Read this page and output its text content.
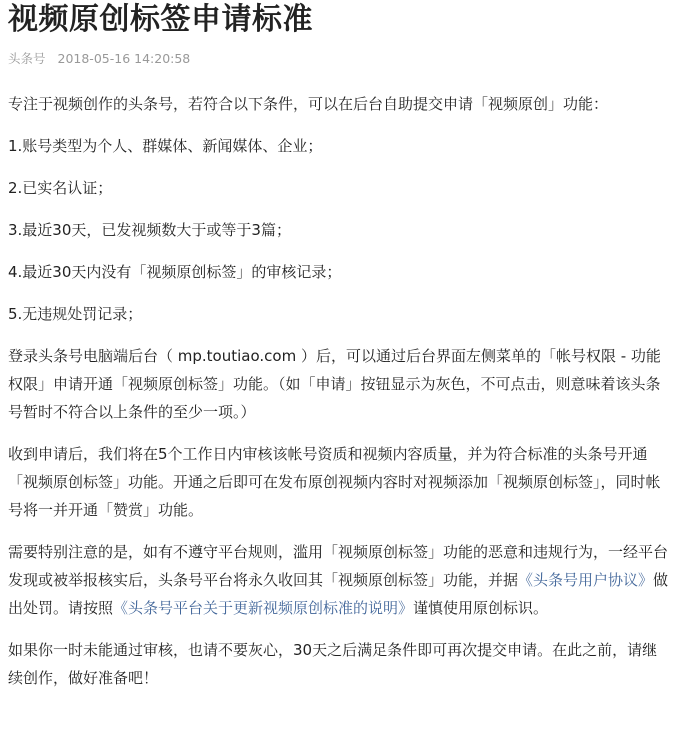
视频原创标签申请标准
头条号 2018-05-16 14:20:58

专注于视频创作的头条号，若符合以下条件，可以在后台自助提交申请「视频原创」功能：

1.账号类型为个人、群媒体、新闻媒体、企业；

2.已实名认证；

3.最近30天，已发视频数大于或等于3篇；

4.最近30天内没有「视频原创标签」的审核记录；

5.无违规处罚记录；

登录头条号电脑端后台（ mp.toutiao.com ）后，可以通过后台界面左侧菜单的「帐号权限 - 功能权限」申请开通「视频原创标签」功能。（如「申请」按钮显示为灰色，不可点击，则意味着该头条号暂时不符合以上条件的至少一项。）

收到申请后，我们将在5个工作日内审核该帐号资质和视频内容质量，并为符合标准的头条号开通「视频原创标签」功能。开通之后即可在发布原创视频内容时对视频添加「视频原创标签」，同时帐号将一并开通「赞赏」功能。

需要特别注意的是，如有不遵守平台规则，滥用「视频原创标签」功能的恶意和违规行为，一经平台发现或被举报核实后，头条号平台将永久收回其「视频原创标签」功能，并据《头条号用户协议》做出处罚。请按照《头条号平台关于更新视频原创标准的说明》谨慎使用原创标识。

如果你一时未能通过审核，也请不要灰心，30天之后满足条件即可再次提交申请。在此之前，请继续创作，做好准备吧！
